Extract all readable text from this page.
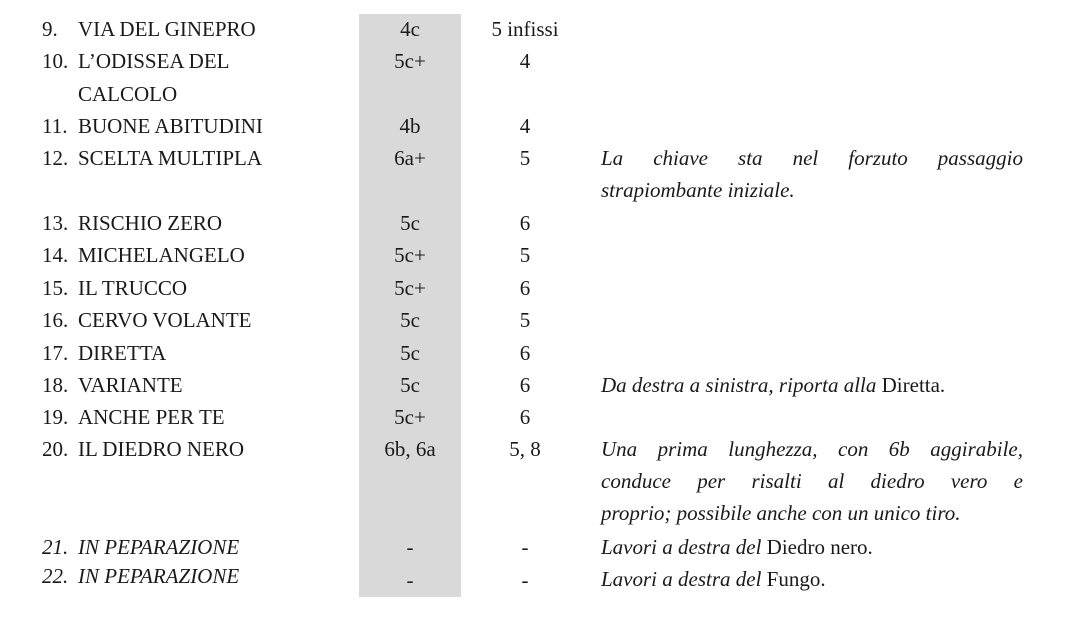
9. VIA DEL GINEPRO	4c	5 infissi
10. L’ODISSEA DEL	5c+	4
CALCOLO
11. BUONE ABITUDINI	4b	4
12. SCELTA MULTIPLA	6a+	5	La chiave sta nel forzuto passaggio
strapiombante iniziale.
13. RISCHIO ZERO	5c	6
14. MICHELANGELO	5c+	5
15. IL TRUCCO	5c+	6
16. CERVO VOLANTE	5c	5
17. DIRETTA	5c	6
18. VARIANTE	5c	6	Da destra a sinistra, riporta alla Diretta.
19. ANCHE PER TE	5c+	6
20. IL DIEDRO NERO	6b, 6a	5, 8	Una prima lunghezza, con 6b aggirabile,
conduce per risalti al diedro vero e
proprio; possibile anche con un unico tiro.
21. IN PEPARAZIONE	-	-	Lavori a destra del Diedro nero.
22. IN PEPARAZIONE	-	-	Lavori a destra del Fungo.
